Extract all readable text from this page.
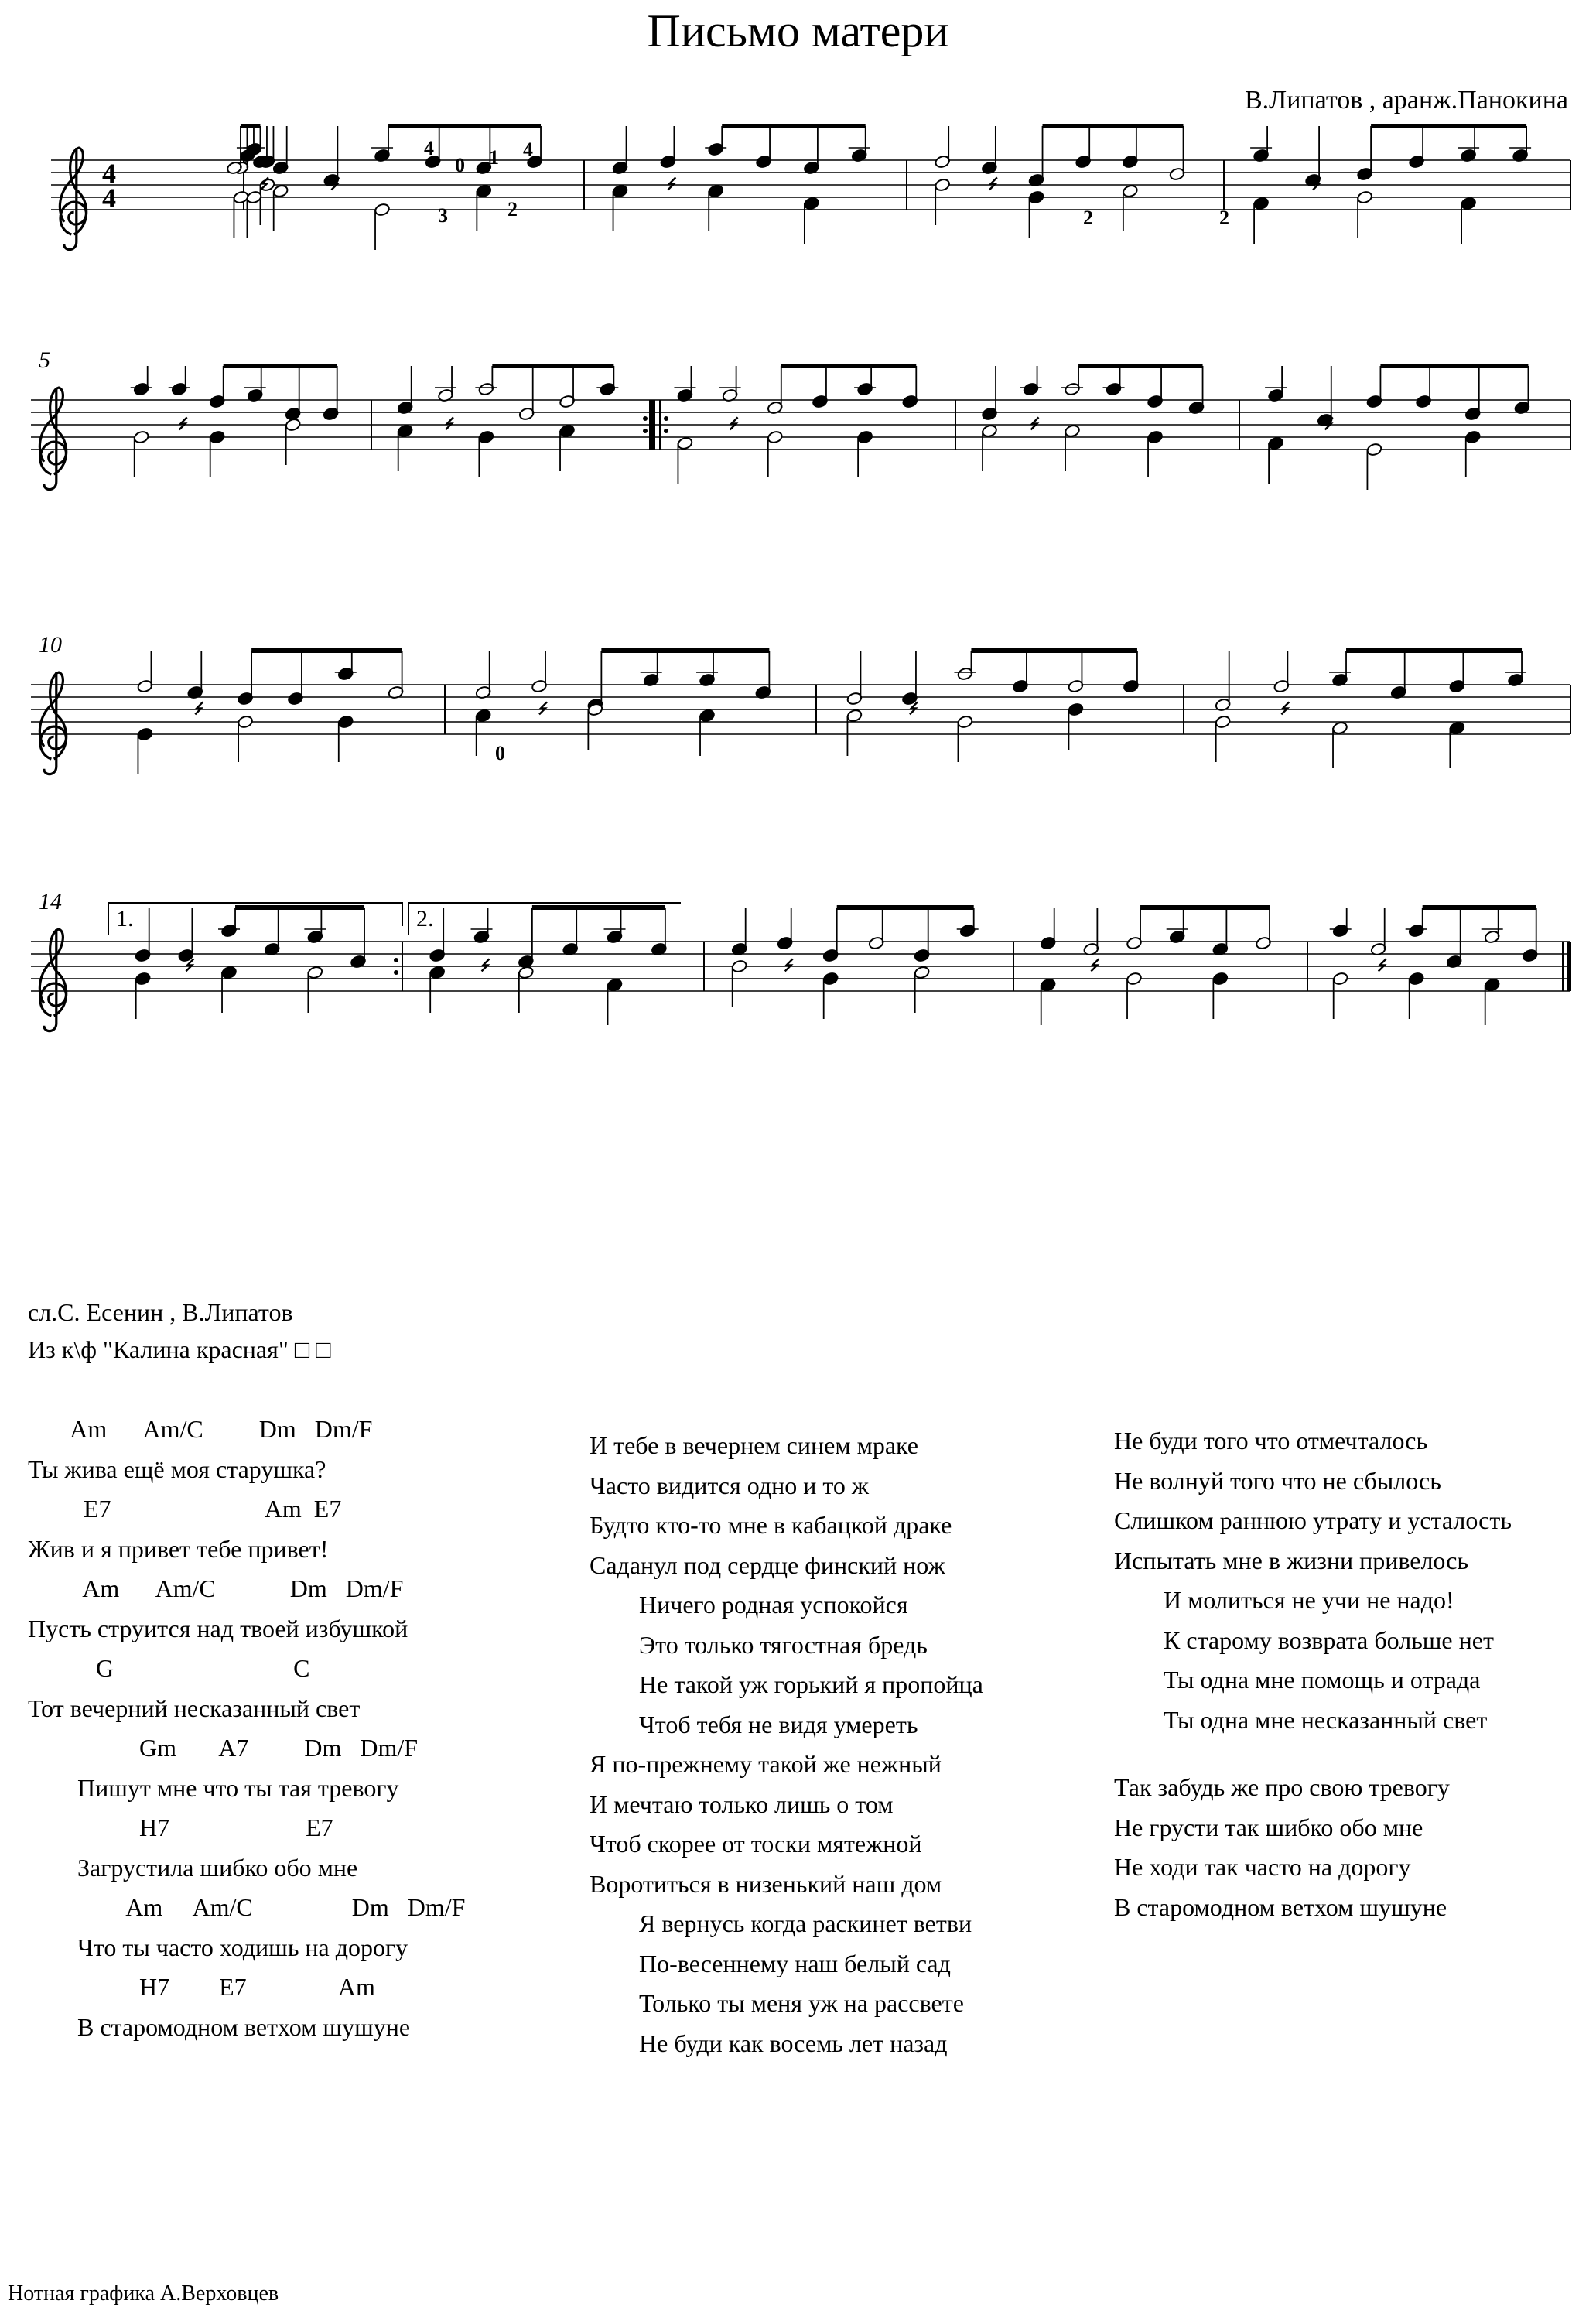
Письмо матери
В.Липатов , аранж.Панокина
4
4
5
10
14
1.	2.
4
0 1 4
3	2	2	2
0
сл.С. Есенин , В.Липатов
Из к\ф "Калина красная" □ □
Am      Am/C         Dm   Dm/F
Ты жива ещё моя старушка?
E7                         Am  E7
Жив и я привет тебе привет!
Am      Am/C            Dm   Dm/F
Пусть струится над твоей избушкой
G                             C
Тот вечерний несказанный свет
Gm       A7         Dm   Dm/F
Пишут мне что ты тая тревогу
H7                      E7
Загрустила шибко обо мне
Am     Am/C                Dm   Dm/F
Что ты часто ходишь на дорогу
H7        E7               Am
В старомодном ветхом шушуне
И тебе в вечернем синем мраке
Часто видится одно и то ж
Будто кто-то мне в кабацкой драке
Саданул под сердце финский нож
Ничего родная успокойся
Это только тягостная бредь
Не такой уж горький я пропойца
Чтоб тебя не видя умереть
Я по-прежнему такой же нежный
И мечтаю только лишь о том
Чтоб скорее от тоски мятежной
Воротиться в низенький наш дом
Я вернусь когда раскинет ветви
По-весеннему наш белый сад
Только ты меня уж на рассвете
Не буди как восемь лет назад
Не буди того что отмечталось
Не волнуй того что не сбылось
Слишком раннюю утрату и усталость
Испытать мне в жизни привелось
И молиться не учи не надо!
К старому возврата больше нет
Ты одна мне помощь и отрада
Ты одна мне несказанный свет
Так забудь же про свою тревогу
Не грусти так шибко обо мне
Не ходи так часто на дорогу
В старомодном ветхом шушуне
Нотная графика А.Верховцев
